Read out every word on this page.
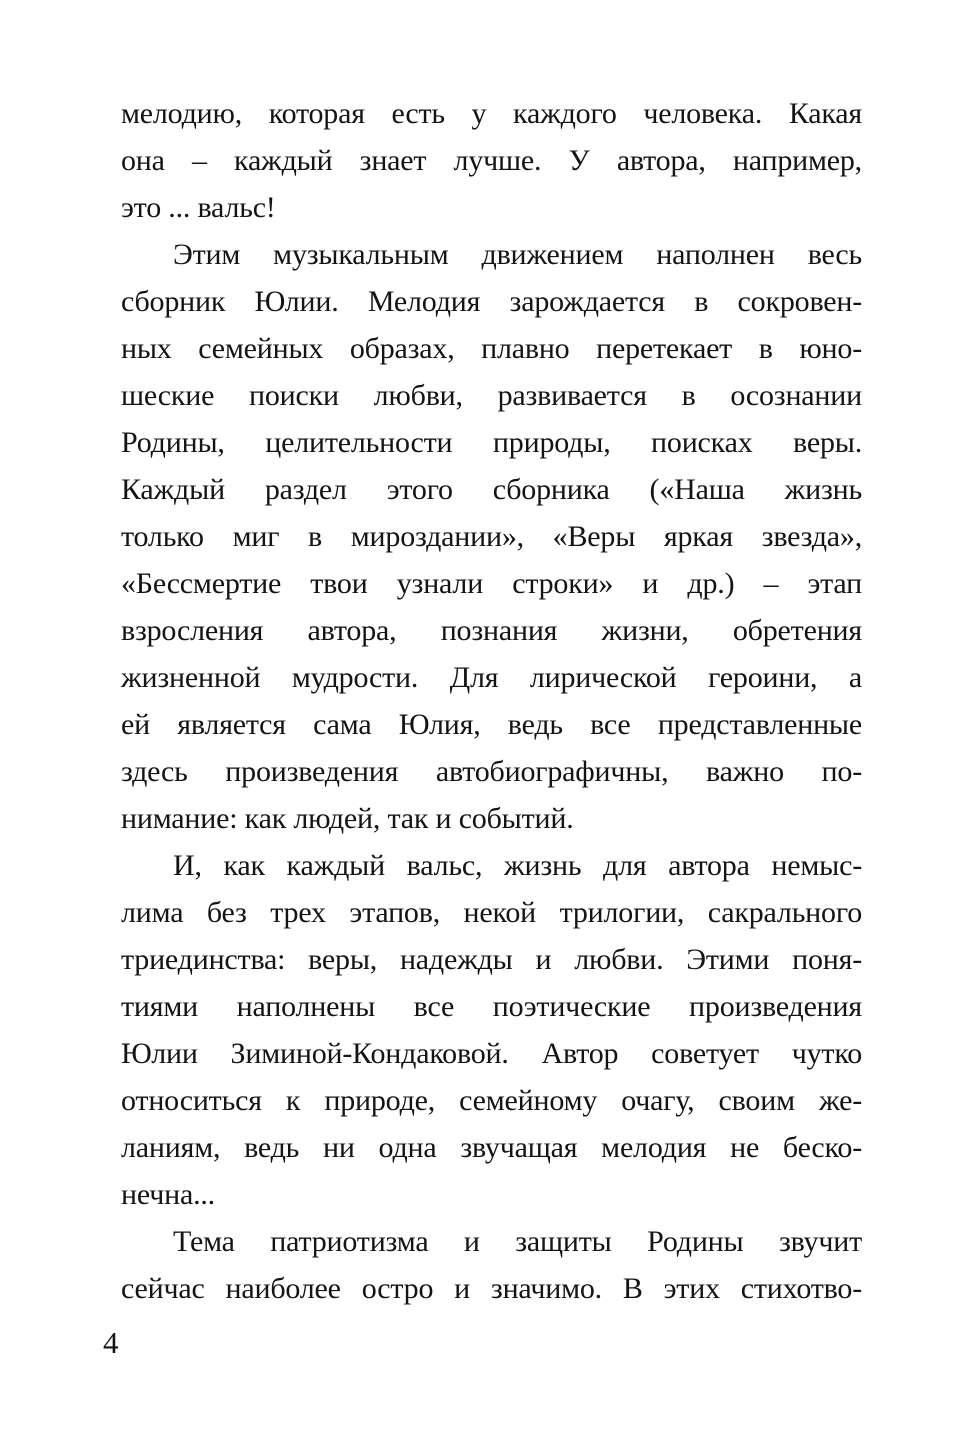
мелодию, которая есть у каждого человека. Какая
она – каждый знает лучше. У автора, например,
это ... вальс!
Этим музыкальным движением наполнен весь
сборник Юлии. Мелодия зарождается в сокровен-
ных семейных образах, плавно перетекает в юно-
шеские поиски любви, развивается в осознании
Родины, целительности природы, поисках веры.
Каждый раздел этого сборника («Наша жизнь
только миг в мироздании», «Веры яркая звезда»,
«Бессмертие твои узнали строки» и др.) – этап
взросления автора, познания жизни, обретения
жизненной мудрости. Для лирической героини, а
ей является сама Юлия, ведь все представленные
здесь произведения автобиографичны, важно по-
нимание: как людей, так и событий.
И, как каждый вальс, жизнь для автора немыс-
лима без трех этапов, некой трилогии, сакрального
триединства: веры, надежды и любви. Этими поня-
тиями наполнены все поэтические произведения
Юлии Зиминой-Кондаковой. Автор советует чутко
относиться к природе, семейному очагу, своим же-
ланиям, ведь ни одна звучащая мелодия не беско-
нечна...
Тема патриотизма и защиты Родины звучит
сейчас наиболее остро и значимо. В этих стихотво-
4
